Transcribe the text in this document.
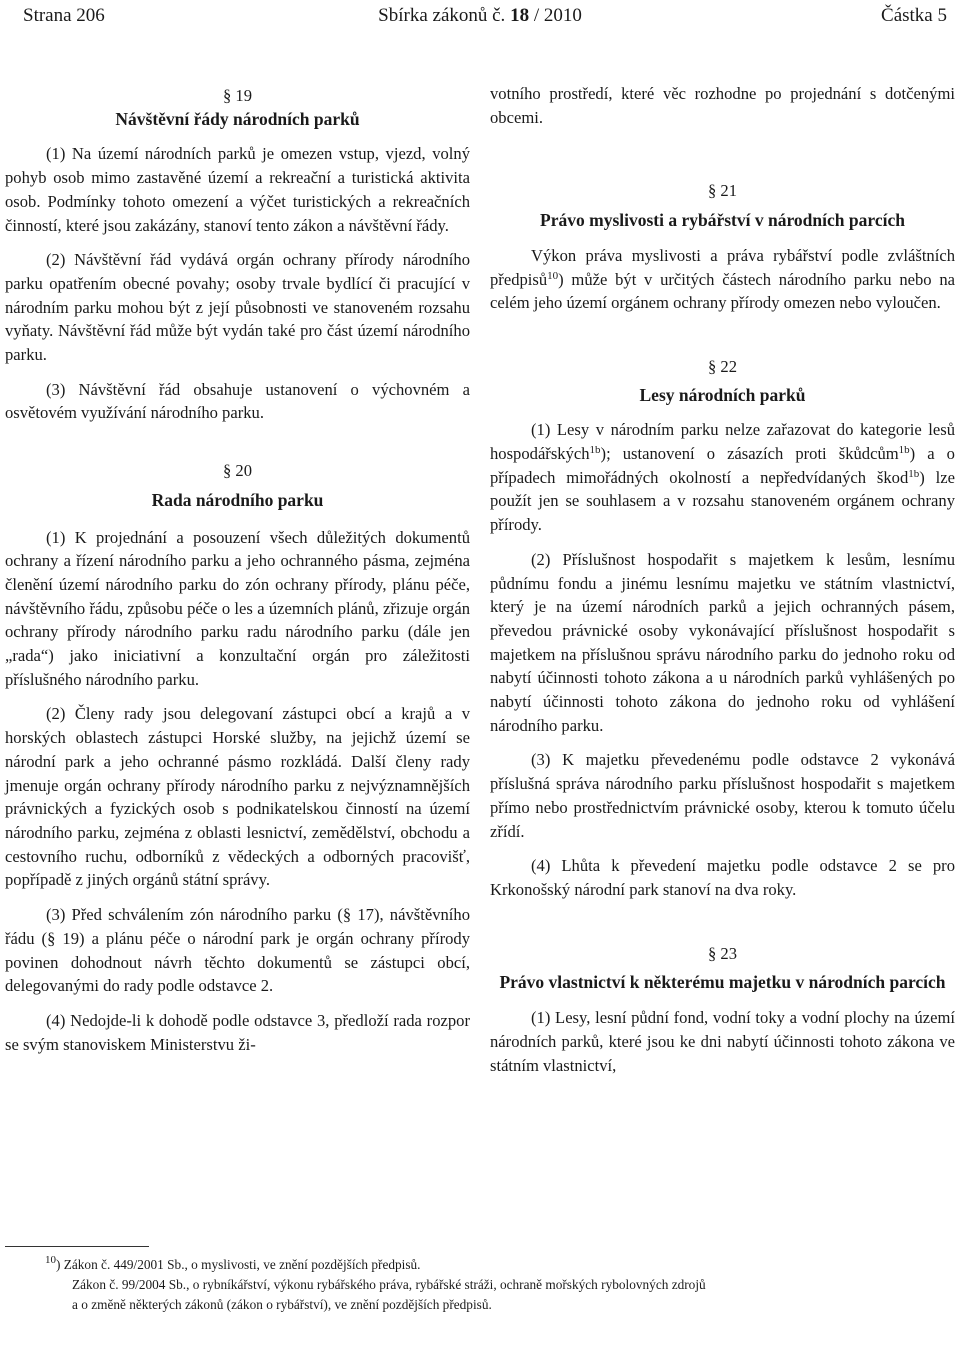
Strana 206	Sbírka zákonů č. 18 / 2010	Částka 5
§ 19
Návštěvní řády národních parků

(1) Na území národních parků je omezen vstup, vjezd, volný pohyb osob mimo zastavěné území a rekreační a turistická aktivita osob. Podmínky tohoto omezení a výčet turistických a rekreačních činností, které jsou zakázány, stanoví tento zákon a návštěvní řády.

(2) Návštěvní řád vydává orgán ochrany přírody národního parku opatřením obecné povahy; osoby trvale bydlící či pracující v národním parku mohou být z její působnosti ve stanoveném rozsahu vyňaty. Návštěvní řád může být vydán také pro část území národního parku.

(3) Návštěvní řád obsahuje ustanovení o výchovném a osvětovém využívání národního parku.

§ 20
Rada národního parku

(1) K projednání a posouzení všech důležitých dokumentů ochrany a řízení národního parku a jeho ochranného pásma, zejména členění území národního parku do zón ochrany přírody, plánu péče, návštěvního řádu, způsobu péče o les a územních plánů, zřizuje orgán ochrany přírody národního parku radu národního parku (dále jen „rada“) jako iniciativní a konzultační orgán pro záležitosti příslušného národního parku.

(2) Členy rady jsou delegovaní zástupci obcí a krajů a v horských oblastech zástupci Horské služby, na jejichž území se národní park a jeho ochranné pásmo rozkládá. Další členy rady jmenuje orgán ochrany přírody národního parku z nejvýznamnějších právnických a fyzických osob s podnikatelskou činností na území národního parku, zejména z oblasti lesnictví, zemědělství, obchodu a cestovního ruchu, odborníků z vědeckých a odborných pracovišť, popřípadě z jiných orgánů státní správy.

(3) Před schválením zón národního parku (§ 17), návštěvního řádu (§ 19) a plánu péče o národní park je orgán ochrany přírody povinen dohodnout návrh těchto dokumentů se zástupci obcí, delegovanými do rady podle odstavce 2.

(4) Nedojde-li k dohodě podle odstavce 3, předloží rada rozpor se svým stanoviskem Ministerstvu ži-

votního prostředí, které věc rozhodne po projednání s dotčenými obcemi.

§ 21
Právo myslivosti a rybářství v národních parcích

Výkon práva myslivosti a práva rybářství podle zvláštních předpisů$^{10}$) může být v určitých částech národního parku nebo na celém jeho území orgánem ochrany přírody omezen nebo vyloučen.

§ 22
Lesy národních parků

(1) Lesy v národním parku nelze zařazovat do kategorie lesů hospodářských$^{1b}$); ustanovení o zásazích proti škůdcům$^{1b}$) a o případech mimořádných okolností a nepředvídaných škod$^{1b}$) lze použít jen se souhlasem a v rozsahu stanoveném orgánem ochrany přírody.

(2) Příslušnost hospodařit s majetkem k lesům, lesnímu půdnímu fondu a jinému lesnímu majetku ve státním vlastnictví, který je na území národních parků a jejich ochranných pásem, převedou právnické osoby vykonávající příslušnost hospodařit s majetkem na příslušnou správu národního parku do jednoho roku od nabytí účinnosti tohoto zákona a u národních parků vyhlášených po nabytí účinnosti tohoto zákona do jednoho roku od vyhlášení národního parku.

(3) K majetku převedenému podle odstavce 2 vykonává příslušná správa národního parku příslušnost hospodařit s majetkem přímo nebo prostřednictvím právnické osoby, kterou k tomuto účelu zřídí.

(4) Lhůta k převedení majetku podle odstavce 2 se pro Krkonošský národní park stanoví na dva roky.

§ 23
Právo vlastnictví k některému majetku v národních parcích

(1) Lesy, lesní půdní fond, vodní toky a vodní plochy na území národních parků, které jsou ke dni nabytí účinnosti tohoto zákona ve státním vlastnictví,

$^{10}$) Zákon č. 449/2001 Sb., o myslivosti, ve znění pozdějších předpisů.
Zákon č. 99/2004 Sb., o rybníkářství, výkonu rybářského práva, rybářské stráži, ochraně mořských rybolovných zdrojů
a o změně některých zákonů (zákon o rybářství), ve znění pozdějších předpisů.
